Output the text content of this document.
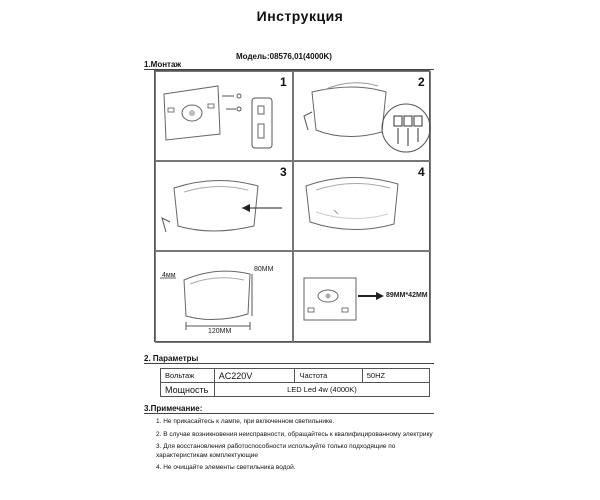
Инструкция
Модель:08576,01(4000K)
1.Монтаж
1	2
3	4
4мм
80MM
120MM
89MM*42MM
2. Параметры
Вольтаж	AC220V	Частота	50HZ
Мощность	LED Led 4w (4000K)		
3.Примечание:

1. Не прикасайтесь к лампе, при включенном светильнике.

2. В случае возникновения неисправности, обращайтесь к квалифицированному электрику

3. Для восстановления работоспособности используйте только подходящие по характеристикам комплектующие

4. Не очищайте элементы светильника водой.
